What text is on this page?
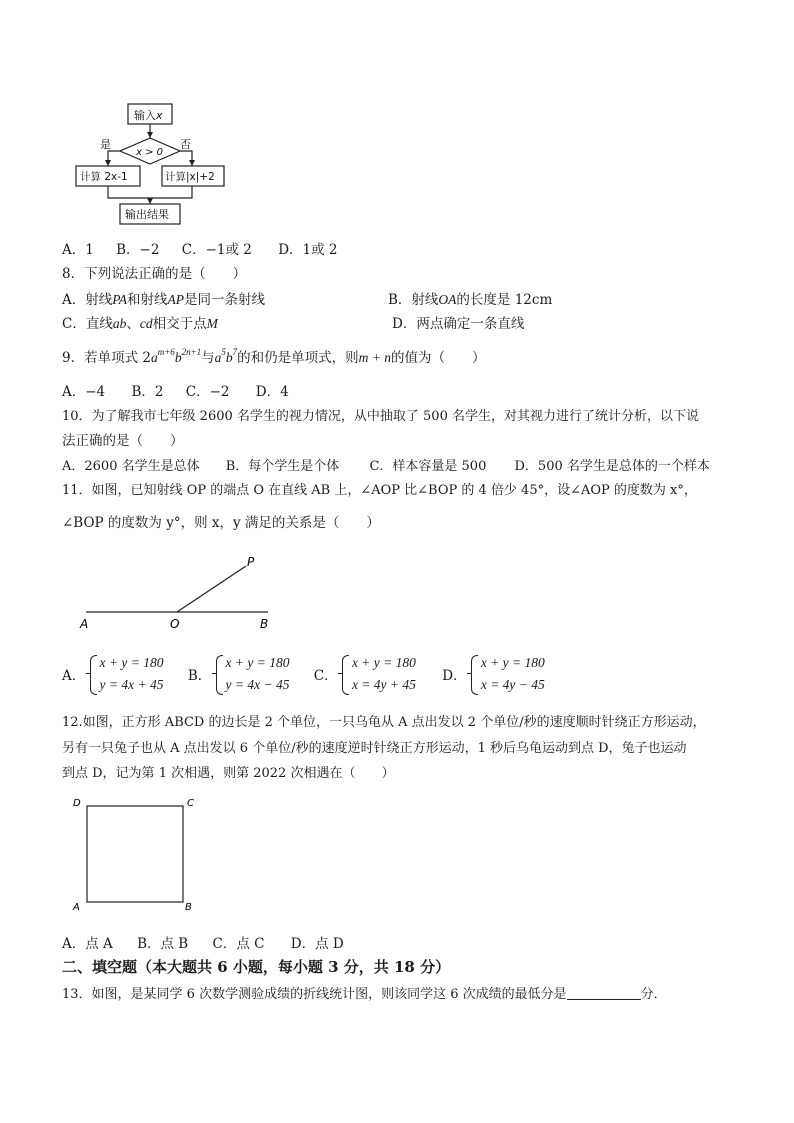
输入x
x > 0
是	否
计算 2x-1	计算|x|+2
输出结果
A．1 B．−2 C．−1或 2 D．1或 2
8．下列说法正确的是（　　）
A．射线PA和射线AP是同一条射线	B．射线OA的长度是 12cm
C．直线ab、cd相交于点M	D．两点确定一条直线
9．若单项式 $2a^{m+6}b^{2n+1}$与$a^5b^7$的和仍是单项式，则m + n的值为（　　）
A．−4 B．2 C．−2 D．4
10．为了解我市七年级 2600 名学生的视力情况，从中抽取了 500 名学生，对其视力进行了统计分析，以下说
法正确的是（　　）
A．2600 名学生是总体 B．每个学生是个体 C．样本容量是 500 D．500 名学生是总体的一个样本
11．如图，已知射线 OP 的端点 O 在直线 AB 上，∠AOP 比∠BOP 的 4 倍少 45°，设∠AOP 的度数为 x°，
∠BOP 的度数为 y°，则 x，y 满足的关系是（　　）
P
A	O	B
A．
x + y = 180
y = 4x + 45 B．
x + y = 180
y = 4x − 45 C．
x + y = 180
x = 4y + 45 D．
x + y = 180
x = 4y − 45
12.如图，正方形 ABCD 的边长是 2 个单位，一只乌龟从 A 点出发以 2 个单位/秒的速度顺时针绕正方形运动，
另有一只兔子也从 A 点出发以 6 个单位/秒的速度逆时针绕正方形运动，1 秒后乌龟运动到点 D，兔子也运动
到点 D，记为第 1 次相遇，则第 2022 次相遇在（　　）
D	C
A	B
A．点 A B．点 B C．点 C D．点 D
二、填空题（本大题共 6 小题，每小题 3 分，共 18 分）
13．如图，是某同学 6 次数学测验成绩的折线统计图，则该同学这 6 次成绩的最低分是	分．
